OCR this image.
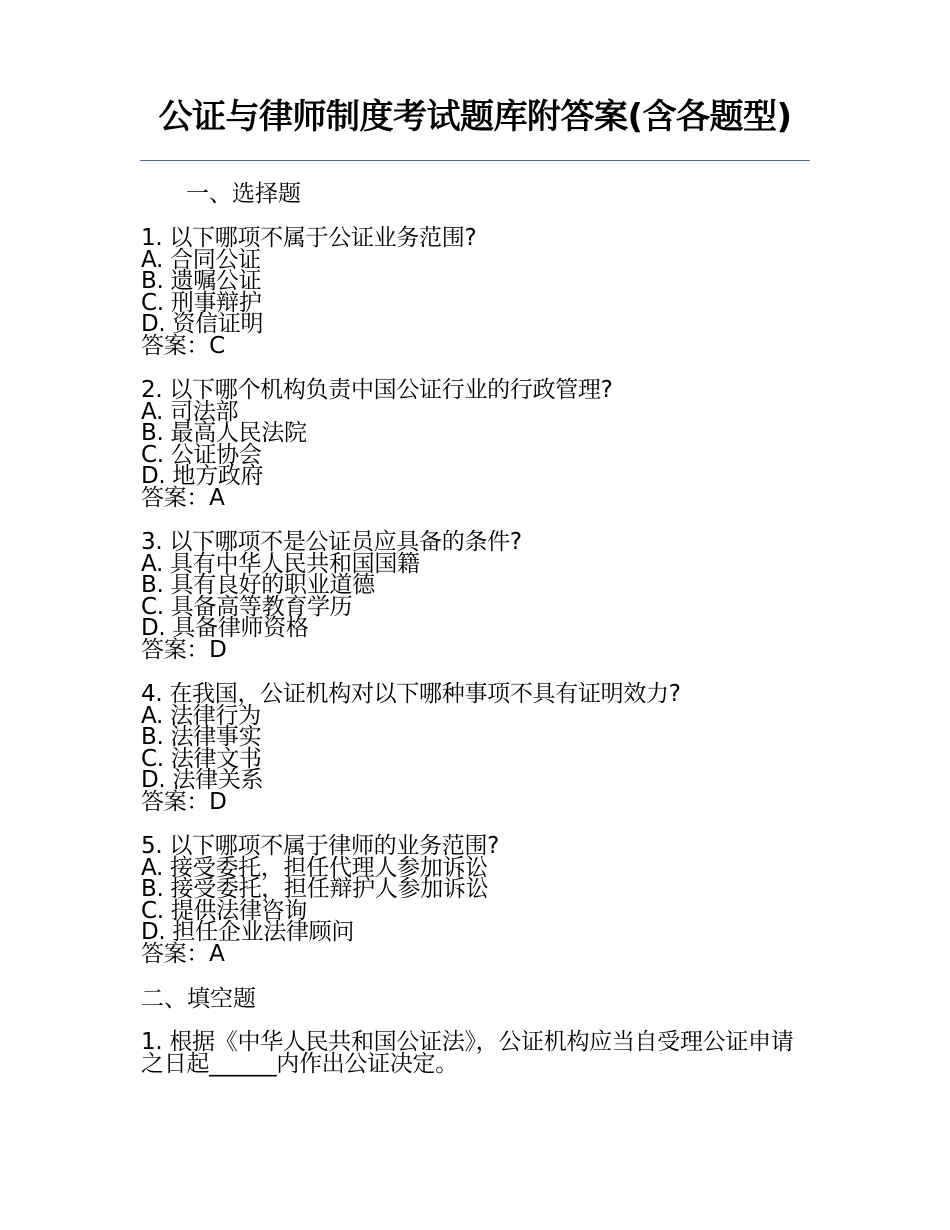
公证与律师制度考试题库附答案(含各题型)
一、选择题
1. 以下哪项不属于公证业务范围?
A. 合同公证
B. 遗嘱公证
C. 刑事辩护
D. 资信证明
答案：C
2. 以下哪个机构负责中国公证行业的行政管理?
A. 司法部
B. 最高人民法院
C. 公证协会
D. 地方政府
答案：A
3. 以下哪项不是公证员应具备的条件?
A. 具有中华人民共和国国籍
B. 具有良好的职业道德
C. 具备高等教育学历
D. 具备律师资格
答案：D
4. 在我国，公证机构对以下哪种事项不具有证明效力?
A. 法律行为
B. 法律事实
C. 法律文书
D. 法律关系
答案：D
5. 以下哪项不属于律师的业务范围?
A. 接受委托，担任代理人参加诉讼
B. 接受委托，担任辩护人参加诉讼
C. 提供法律咨询
D. 担任企业法律顾问
答案：A
二、填空题
1. 根据《中华人民共和国公证法》，公证机构应当自受理公证申请之日起______内作出公证决定。
